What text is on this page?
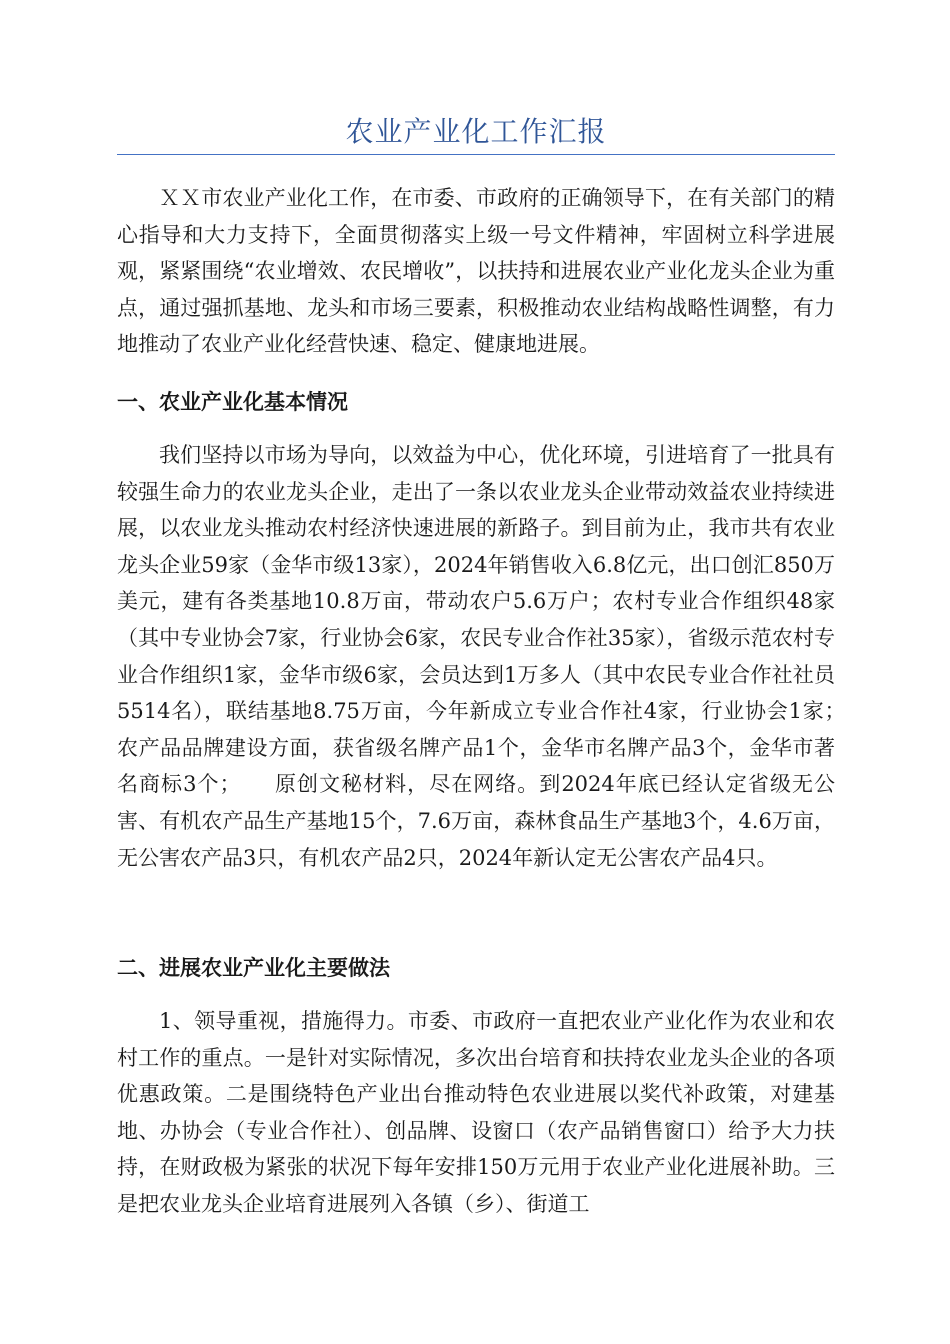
农业产业化工作汇报

ＸＸ市农业产业化工作，在市委、市政府的正确领导下，在有关部门的精心指导和大力支持下，全面贯彻落实上级一号文件精神，牢固树立科学进展观，紧紧围绕“农业增效、农民增收”，以扶持和进展农业产业化龙头企业为重点，通过强抓基地、龙头和市场三要素，积极推动农业结构战略性调整，有力地推动了农业产业化经营快速、稳定、健康地进展。

一、农业产业化基本情况

我们坚持以市场为导向，以效益为中心，优化环境，引进培育了一批具有较强生命力的农业龙头企业，走出了一条以农业龙头企业带动效益农业持续进展，以农业龙头推动农村经济快速进展的新路子。到目前为止，我市共有农业龙头企业59家（金华市级13家），2024年销售收入6.8亿元，出口创汇850万美元，建有各类基地10.8万亩，带动农户5.6万户；农村专业合作组织48家（其中专业协会7家，行业协会6家，农民专业合作社35家），省级示范农村专业合作组织1家，金华市级6家，会员达到1万多人（其中农民专业合作社社员5514名），联结基地8.75万亩，今年新成立专业合作社4家，行业协会1家；　　农产品品牌建设方面，获省级名牌产品1个，金华市名牌产品3个，金华市著名商标3个；　　原创文秘材料，尽在网络。到2024年底已经认定省级无公害、有机农产品生产基地15个，7.6万亩，森林食品生产基地3个，4.6万亩，无公害农产品3只，有机农产品2只，2024年新认定无公害农产品4只。

二、进展农业产业化主要做法

1、领导重视，措施得力。市委、市政府一直把农业产业化作为农业和农村工作的重点。一是针对实际情况，多次出台培育和扶持农业龙头企业的各项优惠政策。二是围绕特色产业出台推动特色农业进展以奖代补政策，对建基地、办协会（专业合作社）、创品牌、设窗口（农产品销售窗口）给予大力扶持，在财政极为紧张的状况下每年安排150万元用于农业产业化进展补助。三是把农业龙头企业培育进展列入各镇（乡）、街道工
